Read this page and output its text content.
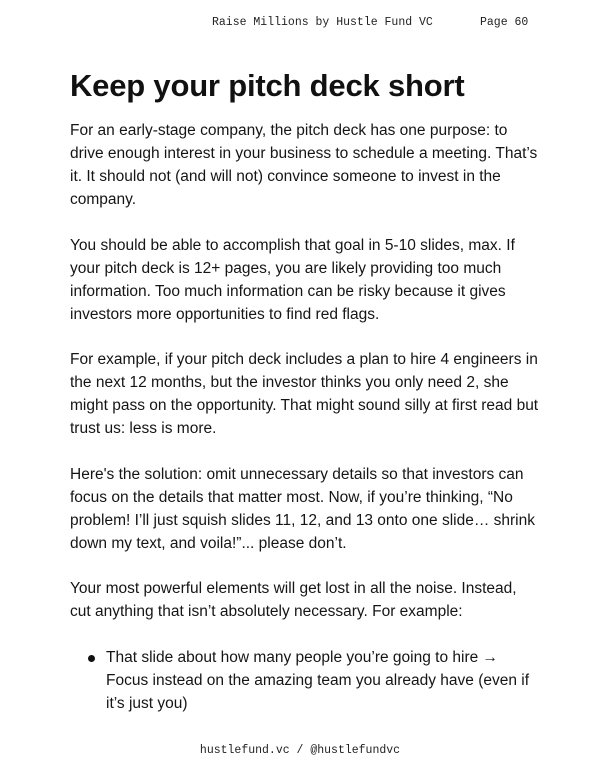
Raise Millions by Hustle Fund VC	Page 60
Keep your pitch deck short

For an early-stage company, the pitch deck has one purpose: to drive enough interest in your business to schedule a meeting. That’s it. It should not (and will not) convince someone to invest in the company.

You should be able to accomplish that goal in 5-10 slides, max. If your pitch deck is 12+ pages, you are likely providing too much information. Too much information can be risky because it gives investors more opportunities to find red flags.

For example, if your pitch deck includes a plan to hire 4 engineers in the next 12 months, but the investor thinks you only need 2, she might pass on the opportunity. That might sound silly at first read but trust us: less is more.

Here's the solution: omit unnecessary details so that investors can focus on the details that matter most. Now, if you’re thinking, “No problem! I’ll just squish slides 11, 12, and 13 onto one slide… shrink down my text, and voila!”... please don’t.

Your most powerful elements will get lost in all the noise. Instead, cut anything that isn’t absolutely necessary. For example:

That slide about how many people you’re going to hire → Focus instead on the amazing team you already have (even if it’s just you)
hustlefund.vc / @hustlefundvc
